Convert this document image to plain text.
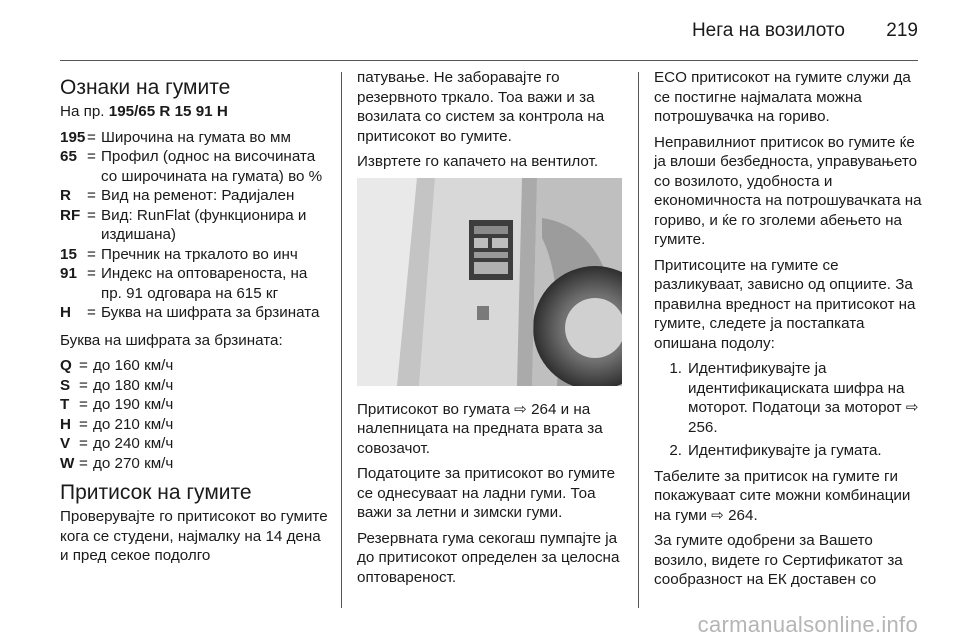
Нега на возилото 219
Ознаки на гумите

На пр. 195/65 R 15 91 H

195 = Широчина на гумата во мм
65 = Профил (однос на височината со широчината на гумата) во %
R	= Вид на ременот: Радијален
RF = Вид: RunFlat (функционира и издишана)
15 = Пречник на тркалото во инч
91 = Индекс на оптовареноста, на пр. 91 одговара на 615 кг
H	= Буква на шифрата за брзината

Буква на шифрата за брзината:

Q = до 160 км/ч
S = до 180 км/ч
T = до 190 км/ч
H = до 210 км/ч
V = до 240 км/ч
W = до 270 км/ч
Притисок на гумите

Проверувајте го притисокот во гумите кога се студени, најмалку на 14 дена и пред секое подолго

патување. Не заборавајте го резервното тркало. Тоа важи и за возилата со систем за контрола на притисокот во гумите.

Извртете го капачето на вентилот.

Притисокот во гумата ⇨ 264 и на налепницата на предната врата за совозачот.

Податоците за притисокот во гумите се однесуваат на ладни гуми. Тоа важи за летни и зимски гуми.

Резервната гума секогаш пумпајте ја до притисокот определен за целосна оптовареност.

ECO притисокот на гумите служи да се постигне најмалата можна потрошувачка на гориво.

Неправилниот притисок во гумите ќе ја влоши безбедноста, управувањето со возилото, удобноста и економичноста на потрошувачката на гориво, и ќе го зголеми абењето на гумите.

Притисоците на гумите се разликуваат, зависно од опциите. За правилна вредност на притисокот на гумите, следете ја постапката опишана подолу:

1. Идентификувајте ја идентификациската шифра на моторот. Податоци за моторот ⇨ 256.
2. Идентификувајте ја гумата.

Табелите за притисок на гумите ги покажуваат сите можни комбинации на гуми ⇨ 264.

За гумите одобрени за Вашето возило, видете го Сертификатот за сообразност на ЕК доставен со

carmanualsonline.info
